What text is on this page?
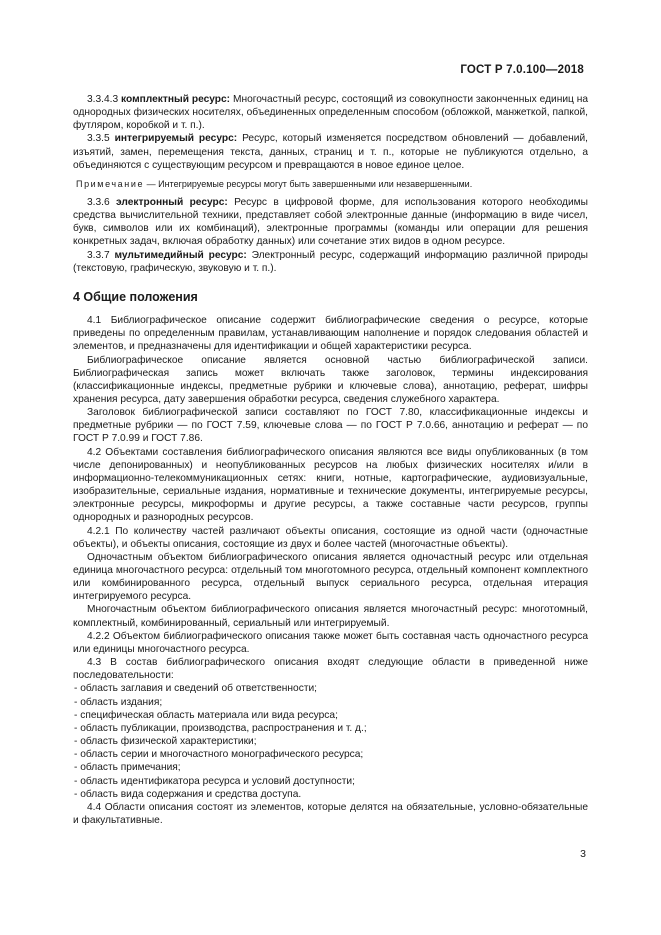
ГОСТ Р 7.0.100—2018

3.3.4.3 комплектный ресурс: Многочастный ресурс, состоящий из совокупности законченных единиц на однородных физических носителях, объединенных определенным способом (обложкой, манжеткой, папкой, футляром, коробкой и т. п.).

3.3.5 интегрируемый ресурс: Ресурс, который изменяется посредством обновлений — добавлений, изъятий, замен, перемещения текста, данных, страниц и т. п., которые не публикуются отдельно, а объединяются с существующим ресурсом и превращаются в новое единое целое.

Примечание — Интегрируемые ресурсы могут быть завершенными или незавершенными.

3.3.6 электронный ресурс: Ресурс в цифровой форме, для использования которого необходимы средства вычислительной техники, представляет собой электронные данные (информацию в виде чисел, букв, символов или их комбинаций), электронные программы (команды или операции для решения конкретных задач, включая обработку данных) или сочетание этих видов в одном ресурсе.

3.3.7 мультимедийный ресурс: Электронный ресурс, содержащий информацию различной природы (текстовую, графическую, звуковую и т. п.).

4 Общие положения

4.1 Библиографическое описание содержит библиографические сведения о ресурсе, которые приведены по определенным правилам, устанавливающим наполнение и порядок следования областей и элементов, и предназначены для идентификации и общей характеристики ресурса.

Библиографическое описание является основной частью библиографической записи. Библиографическая запись может включать также заголовок, термины индексирования (классификационные индексы, предметные рубрики и ключевые слова), аннотацию, реферат, шифры хранения ресурса, дату завершения обработки ресурса, сведения служебного характера.

Заголовок библиографической записи составляют по ГОСТ 7.80, классификационные индексы и предметные рубрики — по ГОСТ 7.59, ключевые слова — по ГОСТ Р 7.0.66, аннотацию и реферат — по ГОСТ Р 7.0.99 и ГОСТ 7.86.

4.2 Объектами составления библиографического описания являются все виды опубликованных (в том числе депонированных) и неопубликованных ресурсов на любых физических носителях и/или в информационно-телекоммуникационных сетях: книги, нотные, картографические, аудиовизуальные, изобразительные, сериальные издания, нормативные и технические документы, интегрируемые ресурсы, электронные ресурсы, микроформы и другие ресурсы, а также составные части ресурсов, группы однородных и разнородных ресурсов.

4.2.1 По количеству частей различают объекты описания, состоящие из одной части (одночастные объекты), и объекты описания, состоящие из двух и более частей (многочастные объекты).

Одночастным объектом библиографического описания является одночастный ресурс или отдельная единица многочастного ресурса: отдельный том многотомного ресурса, отдельный компонент комплектного или комбинированного ресурса, отдельный выпуск сериального ресурса, отдельная итерация интегрируемого ресурса.

Многочастным объектом библиографического описания является многочастный ресурс: многотомный, комплектный, комбинированный, сериальный или интегрируемый.

4.2.2 Объектом библиографического описания также может быть составная часть одночастного ресурса или единицы многочастного ресурса.

4.3 В состав библиографического описания входят следующие области в приведенной ниже последовательности:

- область заглавия и сведений об ответственности;
- область издания;
- специфическая область материала или вида ресурса;
- область публикации, производства, распространения и т. д.;
- область физической характеристики;
- область серии и многочастного монографического ресурса;
- область примечания;
- область идентификатора ресурса и условий доступности;
- область вида содержания и средства доступа.

4.4 Области описания состоят из элементов, которые делятся на обязательные, условно-обязательные и факультативные.

3
